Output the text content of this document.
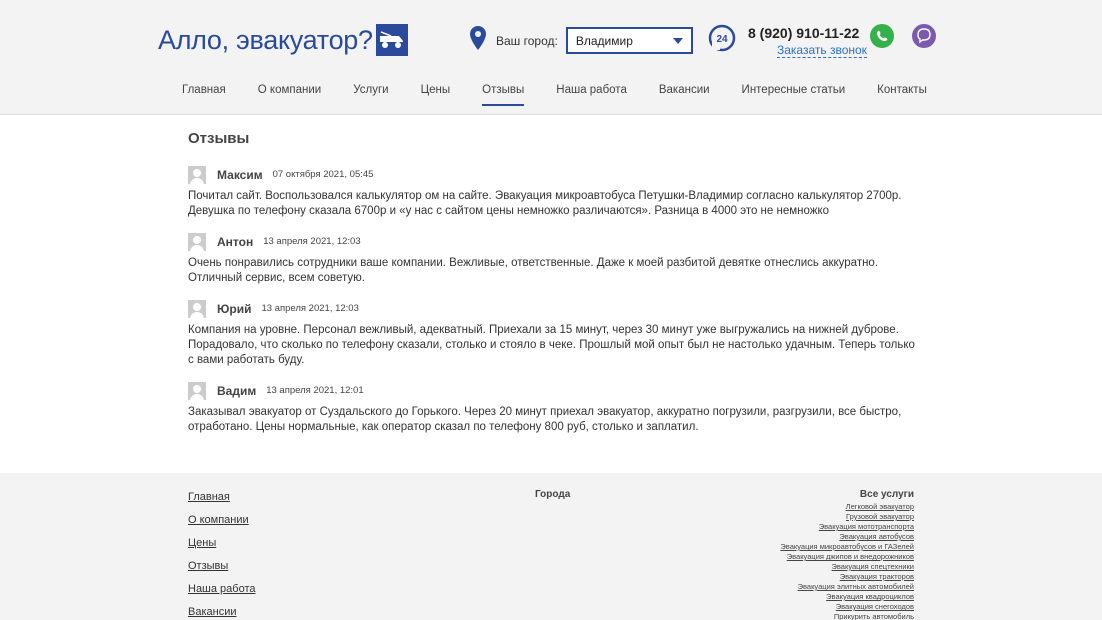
Алло, эвакуатор?	Ваш город: Владимир	24 8 (920) 910-11-22
Заказать звонок
Главная	О компании	Услуги	Цены	Отзывы	Наша работа	Вакансии	Интересные статьи	Контакты
Отзывы
Максим 07 октября 2021, 05:45
Почитал сайт. Воспользовался калькулятор ом на сайте. Эвакуация микроавтобуса Петушки-Владимир согласно калькулятор 2700р. Девушка по телефону сказала 6700р и «у нас с сайтом цены немножко различаются». Разница в 4000 это не немножко
Антон 13 апреля 2021, 12:03
Очень понравились сотрудники ваше компании. Вежливые, ответственные. Даже к моей разбитой девятке отнеслись аккуратно. Отличный сервис, всем советую.
Юрий 13 апреля 2021, 12:03
Компания на уровне. Персонал вежливый, адекватный. Приехали за 15 минут, через 30 минут уже выгружались на нижней дуброве. Порадовало, что сколько по телефону сказали, столько и стояло в чеке. Прошлый мой опыт был не настолько удачным. Теперь только с вами работать буду.
Вадим 13 апреля 2021, 12:01
Заказывал эвакуатор от Суздальского до Горького. Через 20 минут приехал эвакуатор, аккуратно погрузили, разгрузили, все быстро, отработано. Цены нормальные, как оператор сказал по телефону 800 руб, столько и заплатил.
Главная
О компании
Цены
Отзывы
Наша работа
Вакансии
Города	Все услуги
Легковой эвакуатор
Грузовой эвакуатор
Эвакуация мототранспорта
Эвакуация автобусов
Эвакуация микроавтобусов и ГАЗелей
Эвакуация джипов и внедорожников
Эвакуация спецтехники
Эвакуация тракторов
Эвакуация элитных автомобилей
Эвакуация квадроциклов
Эвакуация снегоходов
Прикурить автомобиль
